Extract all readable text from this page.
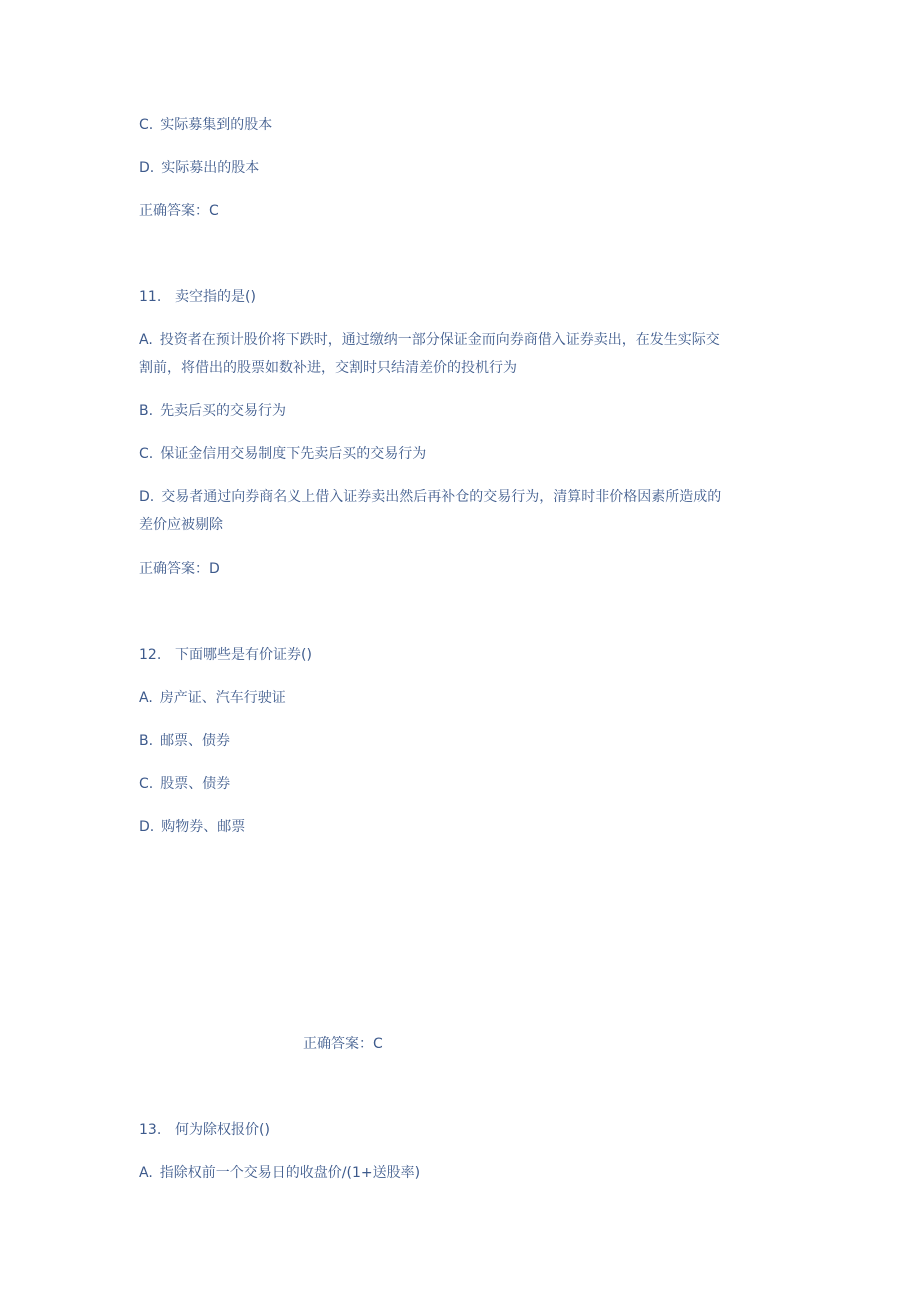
C. 实际募集到的股本
D. 实际募出的股本
正确答案：C
11. 卖空指的是()
A. 投资者在预计股价将下跌时，通过缴纳一部分保证金而向券商借入证券卖出，在发生实际交
割前，将借出的股票如数补进，交割时只结清差价的投机行为
B. 先卖后买的交易行为
C. 保证金信用交易制度下先卖后买的交易行为
D. 交易者通过向券商名义上借入证券卖出然后再补仓的交易行为，清算时非价格因素所造成的
差价应被剔除
正确答案：D
12. 下面哪些是有价证券()
A. 房产证、汽车行驶证
B. 邮票、债券
C. 股票、债券
D. 购物券、邮票
正确答案：C
13. 何为除权报价()
A. 指除权前一个交易日的收盘价/(1+送股率)
